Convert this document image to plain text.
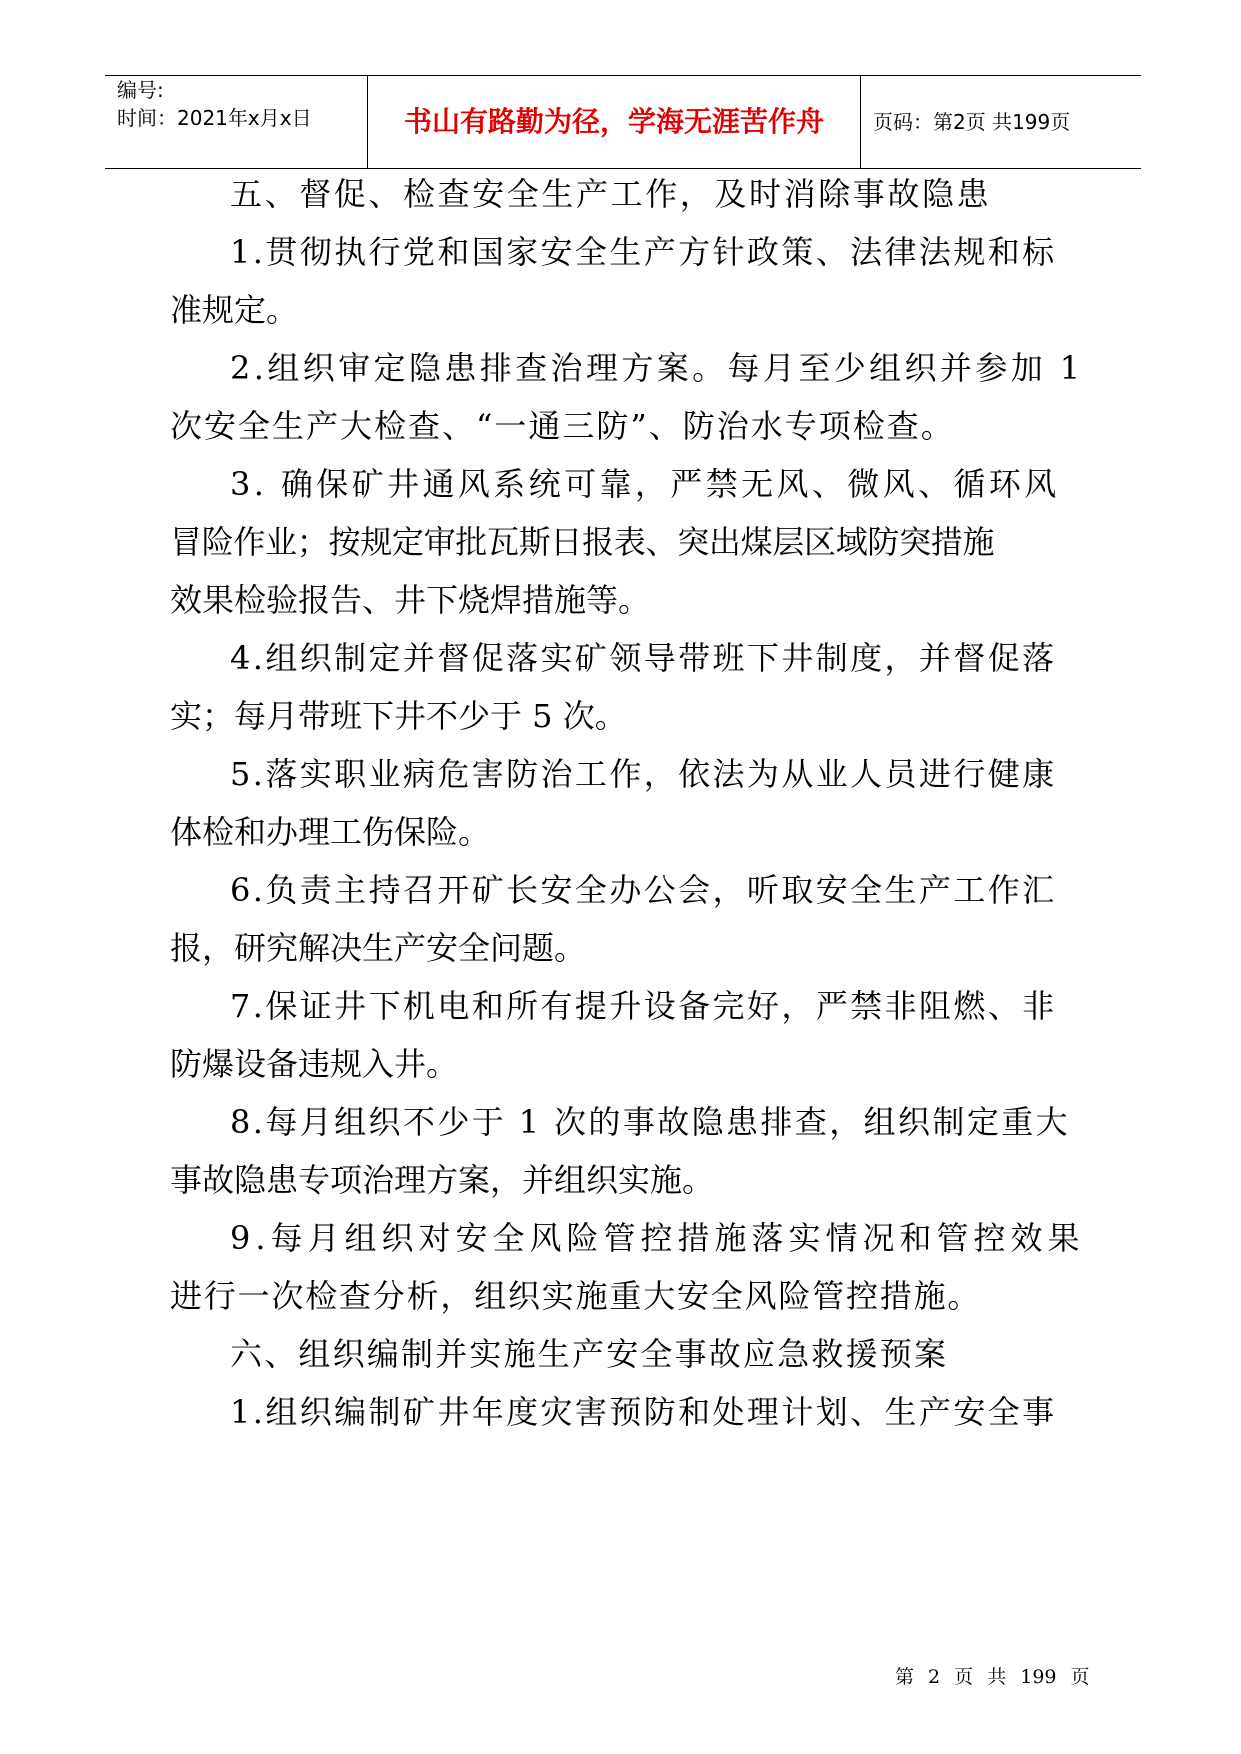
编号:
时间：2021年x月x日	书山有路勤为径，学海无涯苦作舟	页码：第2页 共199页
五、督促、检查安全生产工作，及时消除事故隐患
1.贯彻执行党和国家安全生产方针政策、法律法规和标
准规定。
2.组织审定隐患排查治理方案。每月至少组织并参加 1
次安全生产大检查、“一通三防”、防治水专项检查。
3. 确保矿井通风系统可靠，严禁无风、微风、循环风
冒险作业；按规定审批瓦斯日报表、突出煤层区域防突措施
效果检验报告、井下烧焊措施等。
4.组织制定并督促落实矿领导带班下井制度，并督促落
实；每月带班下井不少于 5 次。
5.落实职业病危害防治工作，依法为从业人员进行健康
体检和办理工伤保险。
6.负责主持召开矿长安全办公会，听取安全生产工作汇
报，研究解决生产安全问题。
7.保证井下机电和所有提升设备完好，严禁非阻燃、非
防爆设备违规入井。
8.每月组织不少于 1 次的事故隐患排查，组织制定重大
事故隐患专项治理方案，并组织实施。
9.每月组织对安全风险管控措施落实情况和管控效果
进行一次检查分析，组织实施重大安全风险管控措施。
六、组织编制并实施生产安全事故应急救援预案
1.组织编制矿井年度灾害预防和处理计划、生产安全事
第 2 页 共 199 页
